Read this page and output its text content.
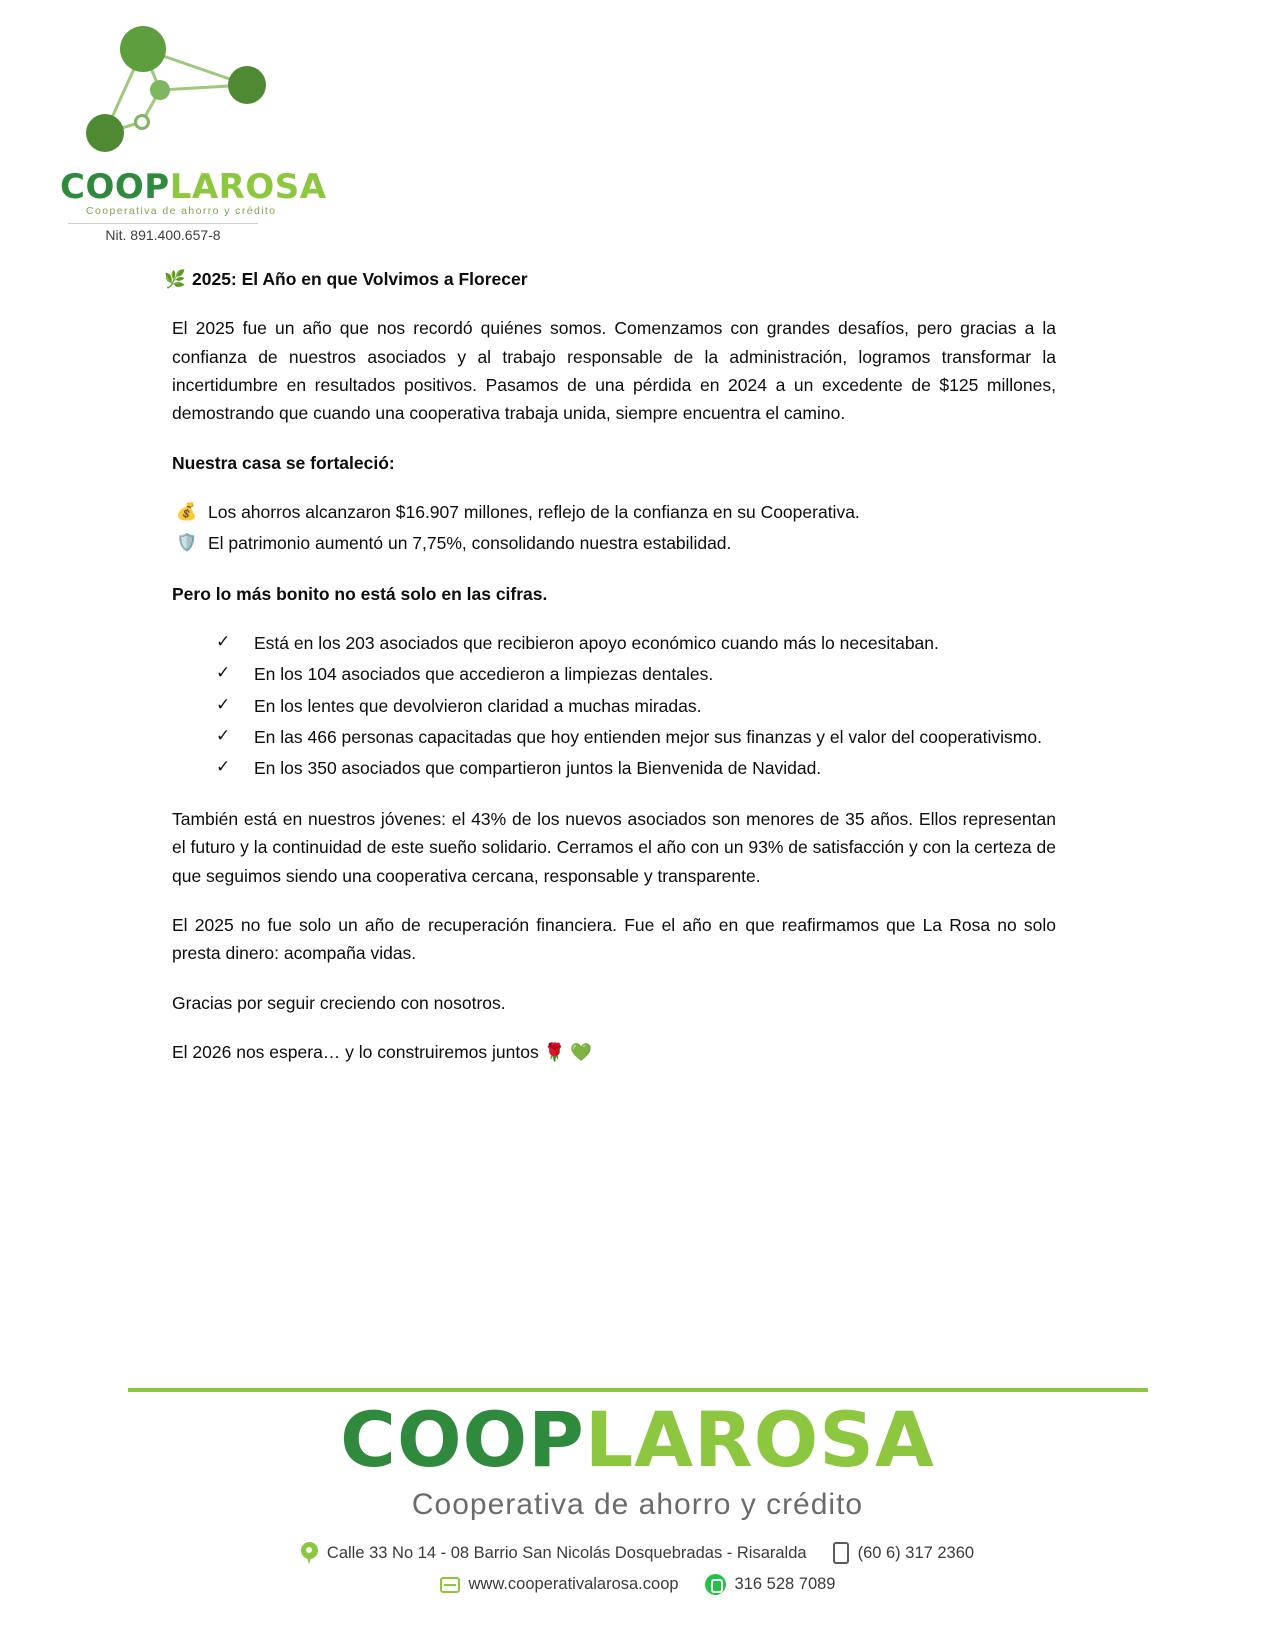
COOPLAROSA
Cooperativa de ahorro y crédito
Nit. 891.400.657-8

🌿 2025: El Año en que Volvimos a Florecer

El 2025 fue un año que nos recordó quiénes somos. Comenzamos con grandes desafíos, pero gracias a la confianza de nuestros asociados y al trabajo responsable de la administración, logramos transformar la incertidumbre en resultados positivos. Pasamos de una pérdida en 2024 a un excedente de $125 millones, demostrando que cuando una cooperativa trabaja unida, siempre encuentra el camino.

Nuestra casa se fortaleció:

💰 Los ahorros alcanzaron $16.907 millones, reflejo de la confianza en su Cooperativa.
🛡️ El patrimonio aumentó un 7,75%, consolidando nuestra estabilidad.

Pero lo más bonito no está solo en las cifras.

✓ Está en los 203 asociados que recibieron apoyo económico cuando más lo necesitaban.
✓ En los 104 asociados que accedieron a limpiezas dentales.
✓ En los lentes que devolvieron claridad a muchas miradas.
✓ En las 466 personas capacitadas que hoy entienden mejor sus finanzas y el valor del cooperativismo.
✓ En los 350 asociados que compartieron juntos la Bienvenida de Navidad.

También está en nuestros jóvenes: el 43% de los nuevos asociados son menores de 35 años. Ellos representan el futuro y la continuidad de este sueño solidario. Cerramos el año con un 93% de satisfacción y con la certeza de que seguimos siendo una cooperativa cercana, responsable y transparente.

El 2025 no fue solo un año de recuperación financiera. Fue el año en que reafirmamos que La Rosa no solo presta dinero: acompaña vidas.

Gracias por seguir creciendo con nosotros.

El 2026 nos espera… y lo construiremos juntos 🌹 💚

COOPLAROSA
Cooperativa de ahorro y crédito
Calle 33 No 14 - 08 Barrio San Nicolás Dosquebradas - Risaralda	(60 6) 317 2360
www.cooperativalarosa.coop	316 528 7089
